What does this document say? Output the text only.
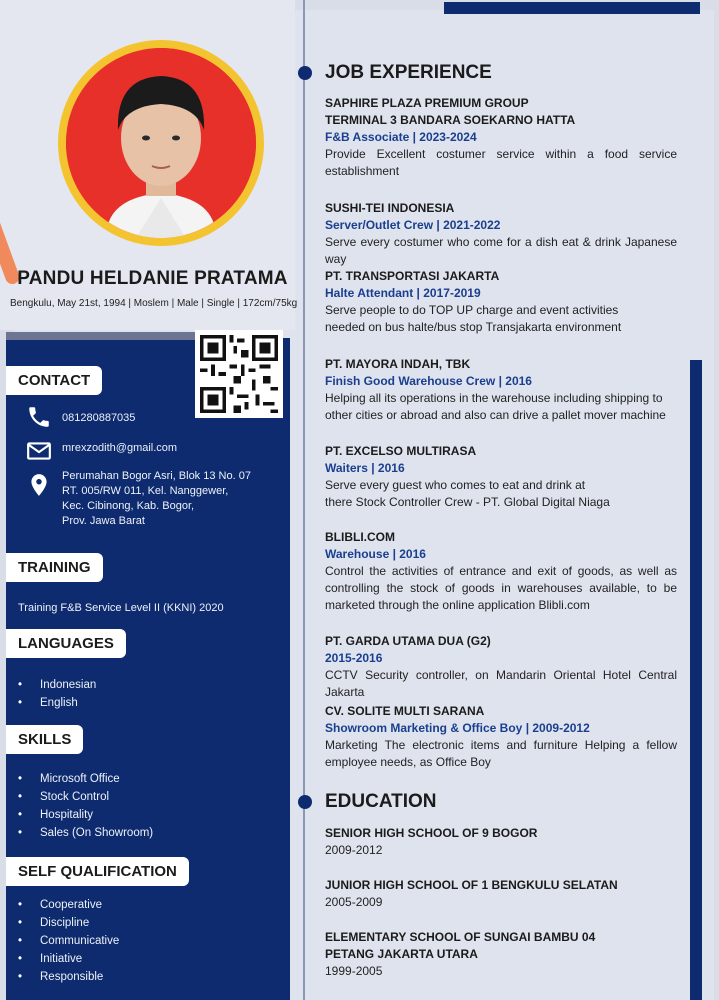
PANDU HELDANIE PRATAMA
Bengkulu, May 21st, 1994 | Moslem | Male | Single | 172cm/75kg
CONTACT
081280887035
mrexzodith@gmail.com
Perumahan Bogor Asri, Blok 13 No. 07
RT. 005/RW 011, Kel. Nanggewer,
Kec. Cibinong, Kab. Bogor,
Prov. Jawa Barat
TRAINING
Training F&B Service Level II (KKNI) 2020
LANGUAGES
• Indonesian
• English
SKILLS
• Microsoft Office
• Stock Control
• Hospitality
• Sales (On Showroom)
SELF QUALIFICATION
• Cooperative
• Discipline
• Communicative
• Initiative
• Responsible
JOB EXPERIENCE
SAPHIRE PLAZA PREMIUM GROUP
TERMINAL 3 BANDARA SOEKARNO HATTA
F&B Associate | 2023-2024
Provide Excellent costumer service within a food service establishment
SUSHI-TEI INDONESIA
Server/Outlet Crew | 2021-2022
Serve every costumer who come for a dish eat & drink Japanese way
PT. TRANSPORTASI JAKARTA
Halte Attendant | 2017-2019
Serve people to do TOP UP charge and event activities needed on bus halte/bus stop Transjakarta environment
PT. MAYORA INDAH, TBK
Finish Good Warehouse Crew | 2016
Helping all its operations in the warehouse including shipping to other cities or abroad and also can drive a pallet mover machine
PT. EXCELSO MULTIRASA
Waiters | 2016
Serve every guest who comes to eat and drink at there Stock Controller Crew - PT. Global Digital Niaga
BLIBLI.COM
Warehouse | 2016
Control the activities of entrance and exit of goods, as well as controlling the stock of goods in warehouses available, to be marketed through the online application Blibli.com
PT. GARDA UTAMA DUA (G2)
2015-2016
CCTV Security controller, on Mandarin Oriental Hotel Central Jakarta
CV. SOLITE MULTI SARANA
Showroom Marketing & Office Boy | 2009-2012
Marketing The electronic items and furniture Helping a fellow employee needs, as Office Boy
EDUCATION
SENIOR HIGH SCHOOL OF 9 BOGOR
2009-2012
JUNIOR HIGH SCHOOL OF 1 BENGKULU SELATAN
2005-2009
ELEMENTARY SCHOOL OF SUNGAI BAMBU 04
PETANG JAKARTA UTARA
1999-2005
